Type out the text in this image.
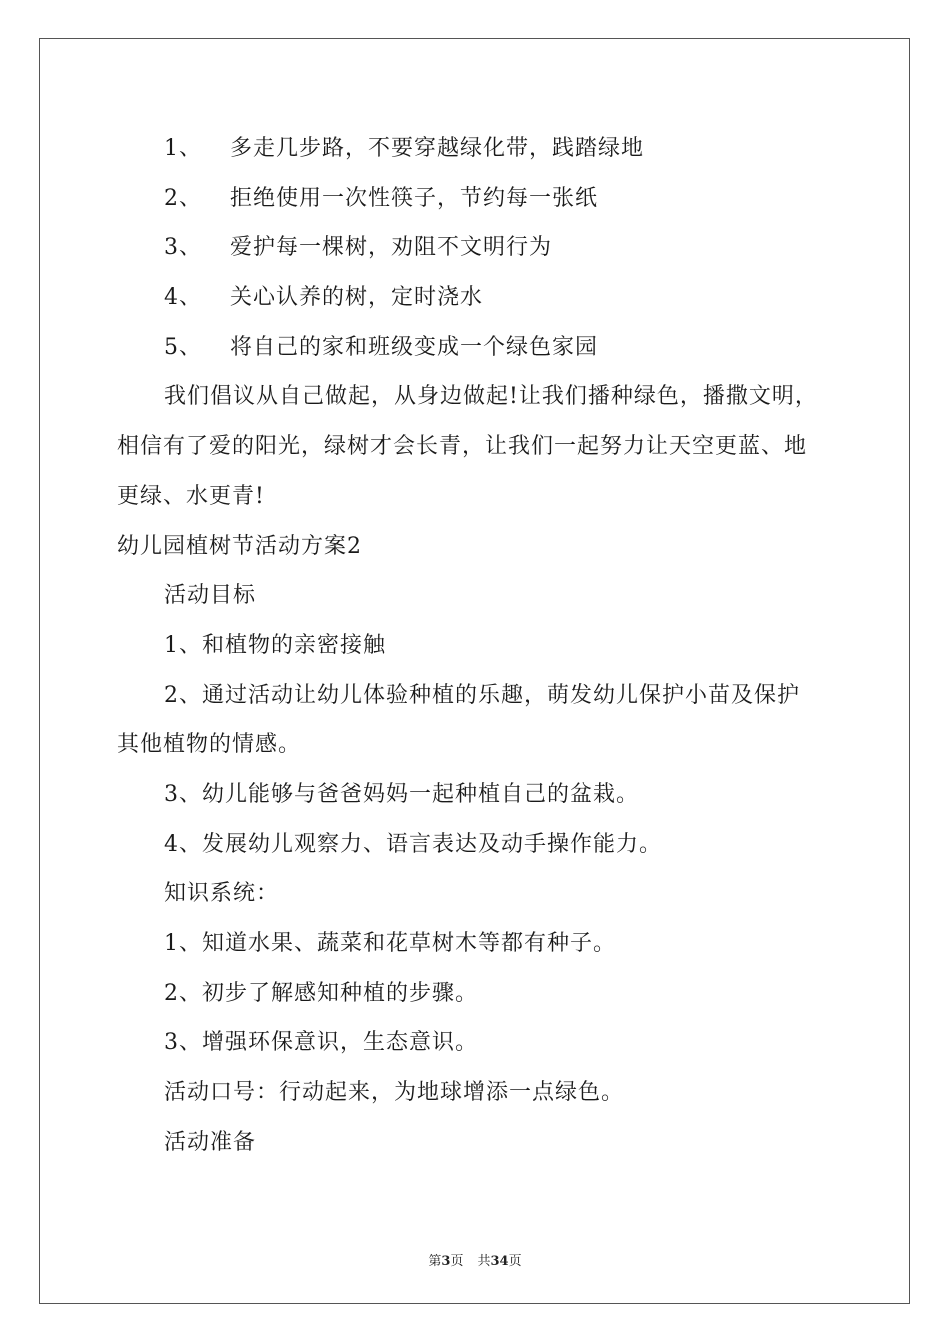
1、 多走几步路，不要穿越绿化带，践踏绿地
2、 拒绝使用一次性筷子，节约每一张纸
3、 爱护每一棵树，劝阻不文明行为
4、 关心认养的树，定时浇水
5、 将自己的家和班级变成一个绿色家园
我们倡议从自己做起，从身边做起!让我们播种绿色，播撒文明，
相信有了爱的阳光，绿树才会长青，让我们一起努力让天空更蓝、地
更绿、水更青!
幼儿园植树节活动方案2
活动目标
1、和植物的亲密接触
2、通过活动让幼儿体验种植的乐趣，萌发幼儿保护小苗及保护
其他植物的情感。
3、幼儿能够与爸爸妈妈一起种植自己的盆栽。
4、发展幼儿观察力、语言表达及动手操作能力。
知识系统：
1、知道水果、蔬菜和花草树木等都有种子。
2、初步了解感知种植的步骤。
3、增强环保意识，生态意识。
活动口号：行动起来，为地球增添一点绿色。
活动准备
第3页 共34页
